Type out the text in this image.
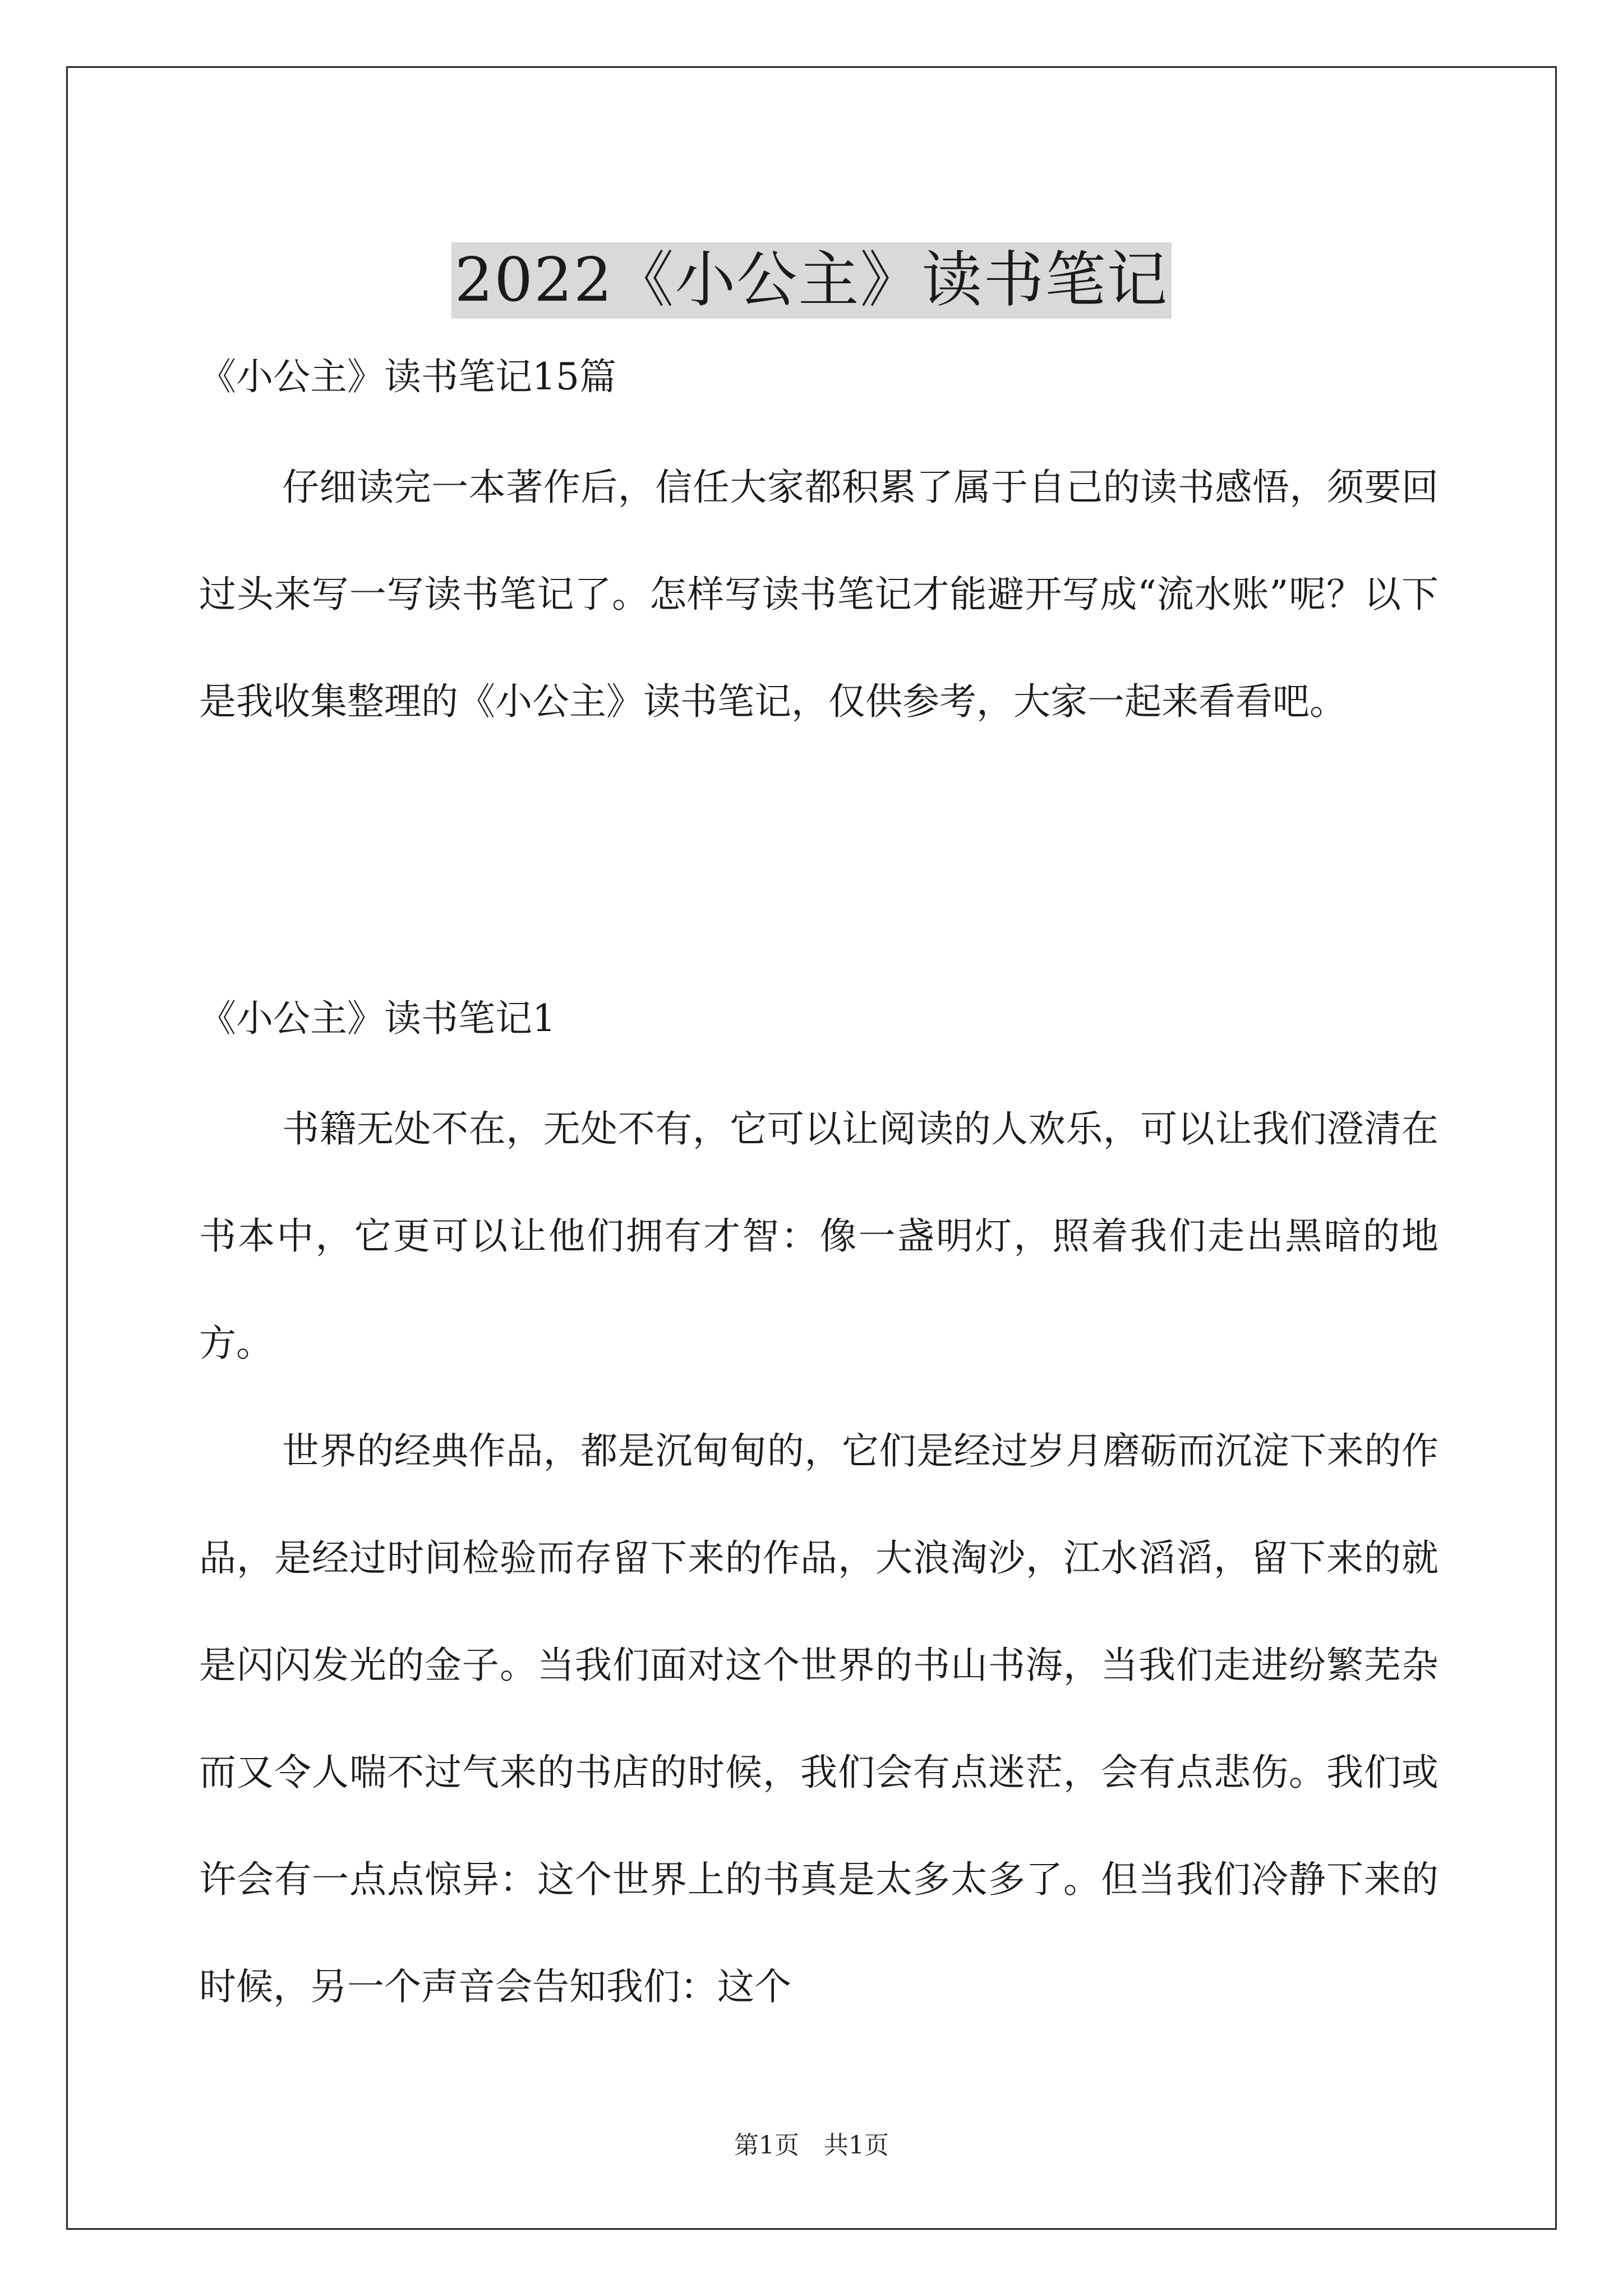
2022《小公主》读书笔记
《小公主》读书笔记15篇

仔细读完一本著作后，信任大家都积累了属于自己的读书感悟，须要回过头来写一写读书笔记了。怎样写读书笔记才能避开写成“流水账”呢？以下是我收集整理的《小公主》读书笔记，仅供参考，大家一起来看看吧。

《小公主》读书笔记1

书籍无处不在，无处不有，它可以让阅读的人欢乐，可以让我们澄清在书本中，它更可以让他们拥有才智：像一盏明灯，照着我们走出黑暗的地方。

世界的经典作品，都是沉甸甸的，它们是经过岁月磨砺而沉淀下来的作品，是经过时间检验而存留下来的作品，大浪淘沙，江水滔滔，留下来的就是闪闪发光的金子。当我们面对这个世界的书山书海，当我们走进纷繁芜杂而又令人喘不过气来的书店的时候，我们会有点迷茫，会有点悲伤。我们或许会有一点点惊异：这个世界上的书真是太多太多了。但当我们冷静下来的时候，另一个声音会告知我们：这个

第1页　共1页
